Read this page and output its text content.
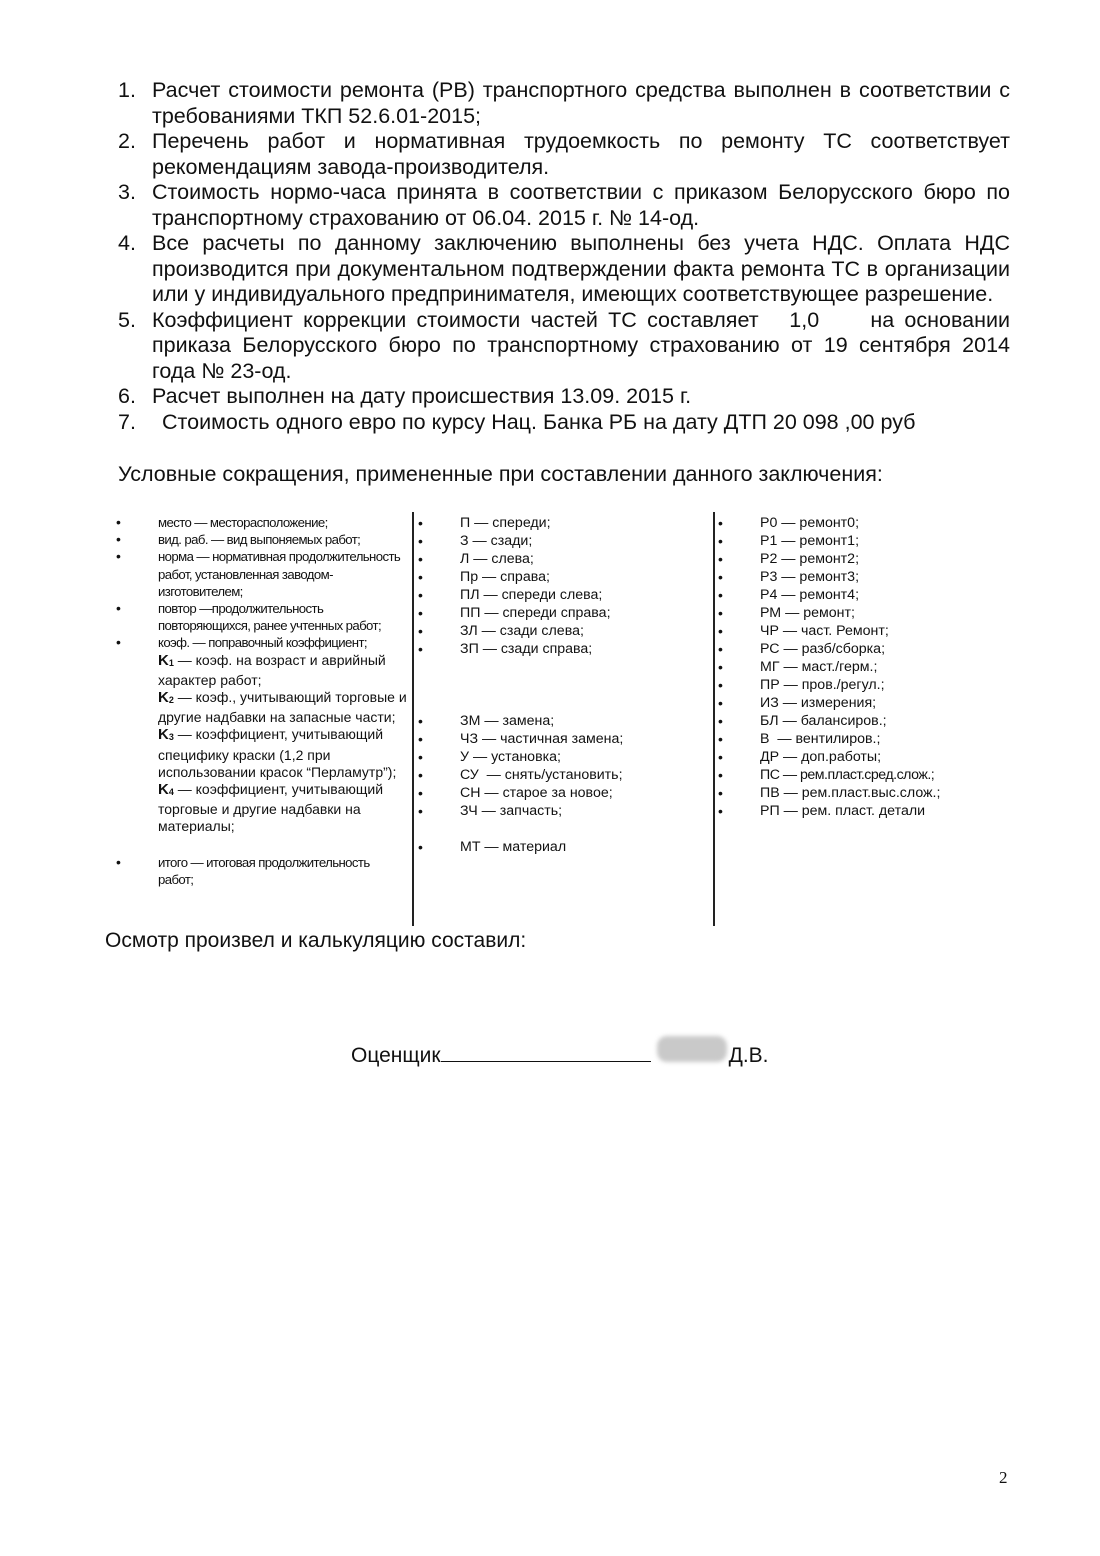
1. Расчет стоимости ремонта (РВ) транспортного средства выполнен в соответствии с требованиями ТКП 52.6.01-2015;
2. Перечень работ и нормативная трудоемкость по ремонту ТС соответствует рекомендациям завода-производителя.
3. Стоимость нормо-часа принята в соответствии с приказом Белорусского бюро по транспортному страхованию от 06.04. 2015 г. № 14-од.
4. Все расчеты по данному заключению выполнены без учета НДС. Оплата НДС производится при документальном подтверждении факта ремонта ТС в организации или у индивидуального предпринимателя, имеющих соответствующее разрешение.
5. Коэффициент коррекции стоимости частей ТС составляет   1,0     на основании приказа Белорусского бюро по транспортному страхованию от 19 сентября 2014 года № 23-од.
6. Расчет выполнен на дату происшествия 13.09. 2015 г.
7.	Стоимость одного евро по курсу Нац. Банка РБ на дату ДТП 20 098 ,00 руб
Условные сокращения, примененные при составлении данного заключения:
•	место — месторасположение;
•	вид. раб. — вид выпоняемых работ;
•	норма — нормативная продолжительность работ, установленная заводом-изготовителем;
•	повтор —продолжительность повторяющихся, ранее учтенных работ;
•	коэф. — поправочный коэффициент;
$K_1$ — коэф. на возраст и аврийный характер работ;
$K_2$ — коэф., учитывающий торговые и другие надбавки на запасные части;
$K_3$ — коэффициент, учитывающий специфику краски (1,2 при использовании красок “Перламутр”);
$K_4$ — коэффициент, учитывающий торговые и другие надбавки на материалы;
•	итого — итоговая продолжительность работ;
•	П — спереди;
•	З — сзади;
•	Л — слева;
•	Пр — справа;
•	ПЛ — спереди слева;
•	ПП — спереди справа;
•	ЗЛ — сзади слева;
•	ЗП — сзади справа;
•	ЗМ — замена;
•	ЧЗ — частичная замена;
•	У — установка;
•	СУ  — снять/установить;
•	СН — старое за новое;
•	ЗЧ — запчасть;
•	МТ — материал
•	Р0 — ремонт0;
•	Р1 — ремонт1;
•	Р2 — ремонт2;
•	Р3 — ремонт3;
•	Р4 — ремонт4;
•	РМ — ремонт;
•	ЧР — част. Ремонт;
•	РС — разб/сборка;
•	МГ — маст./герм.;
•	ПР — пров./регул.;
•	ИЗ — измерения;
•	БЛ — балансиров.;
•	В  — вентилиров.;
•	ДР — доп.работы;
•	ПС — рем.пласт.сред.слож.;
•	ПВ — рем.пласт.выс.слож.;
•	РП — рем. пласт. детали
Осмотр произвел и калькуляцию составил:
Оценщик	Д.В.
2
